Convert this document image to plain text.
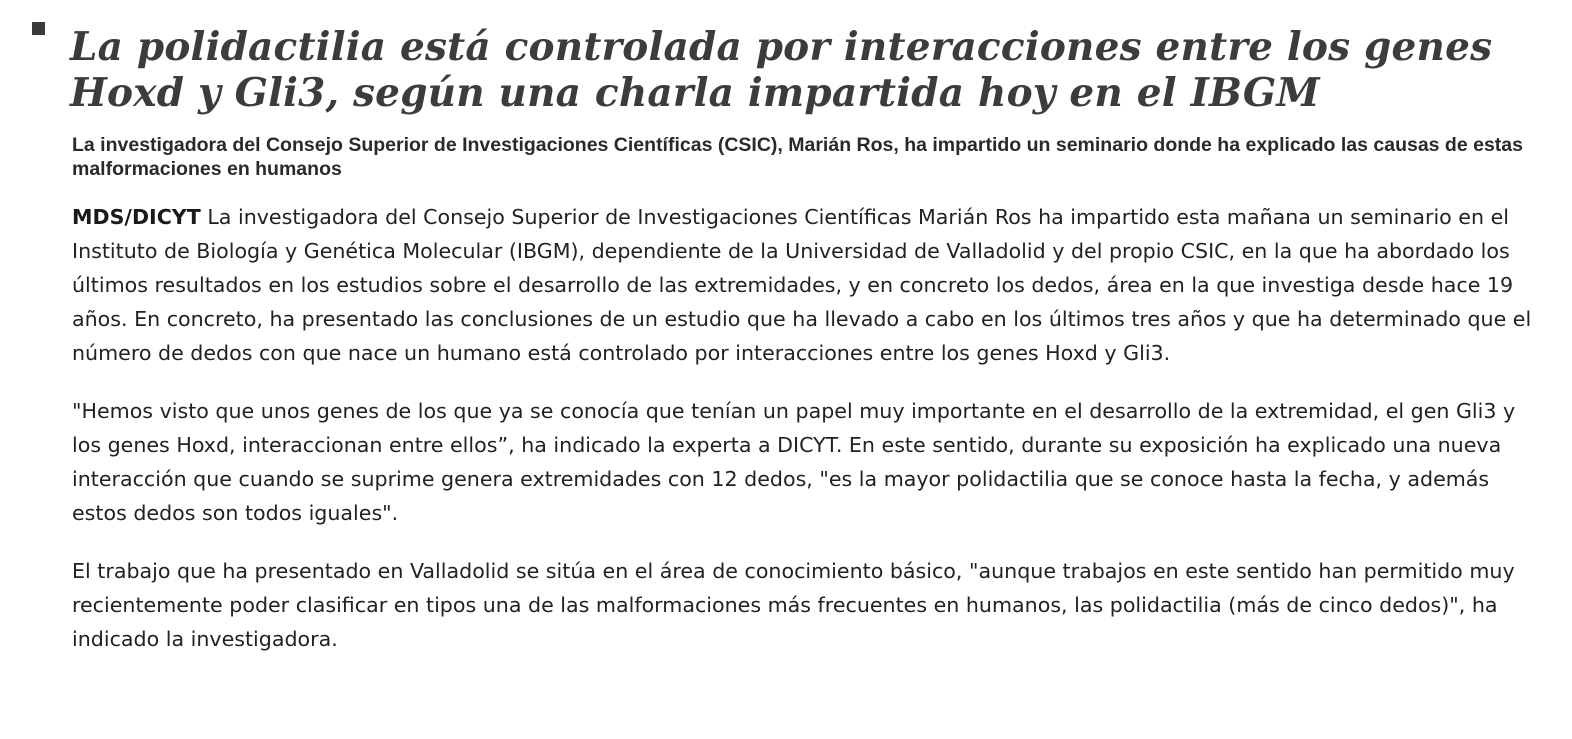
La polidactilia está controlada por interacciones entre los genes Hoxd y Gli3, según una charla impartida hoy en el IBGM
La investigadora del Consejo Superior de Investigaciones Científicas (CSIC), Marián Ros, ha impartido un seminario donde ha explicado las causas de estas malformaciones en humanos

MDS/DICYT La investigadora del Consejo Superior de Investigaciones Científicas Marián Ros ha impartido esta mañana un seminario en el Instituto de Biología y Genética Molecular (IBGM), dependiente de la Universidad de Valladolid y del propio CSIC, en la que ha abordado los últimos resultados en los estudios sobre el desarrollo de las extremidades, y en concreto los dedos, área en la que investiga desde hace 19 años. En concreto, ha presentado las conclusiones de un estudio que ha llevado a cabo en los últimos tres años y que ha determinado que el número de dedos con que nace un humano está controlado por interacciones entre los genes Hoxd y Gli3.

"Hemos visto que unos genes de los que ya se conocía que tenían un papel muy importante en el desarrollo de la extremidad, el gen Gli3 y los genes Hoxd, interaccionan entre ellos”, ha indicado la experta a DICYT. En este sentido, durante su exposición ha explicado una nueva interacción que cuando se suprime genera extremidades con 12 dedos, "es la mayor polidactilia que se conoce hasta la fecha, y además estos dedos son todos iguales".

El trabajo que ha presentado en Valladolid se sitúa en el área de conocimiento básico, "aunque trabajos en este sentido han permitido muy recientemente poder clasificar en tipos una de las malformaciones más frecuentes en humanos, las polidactilia (más de cinco dedos)", ha indicado la investigadora.
